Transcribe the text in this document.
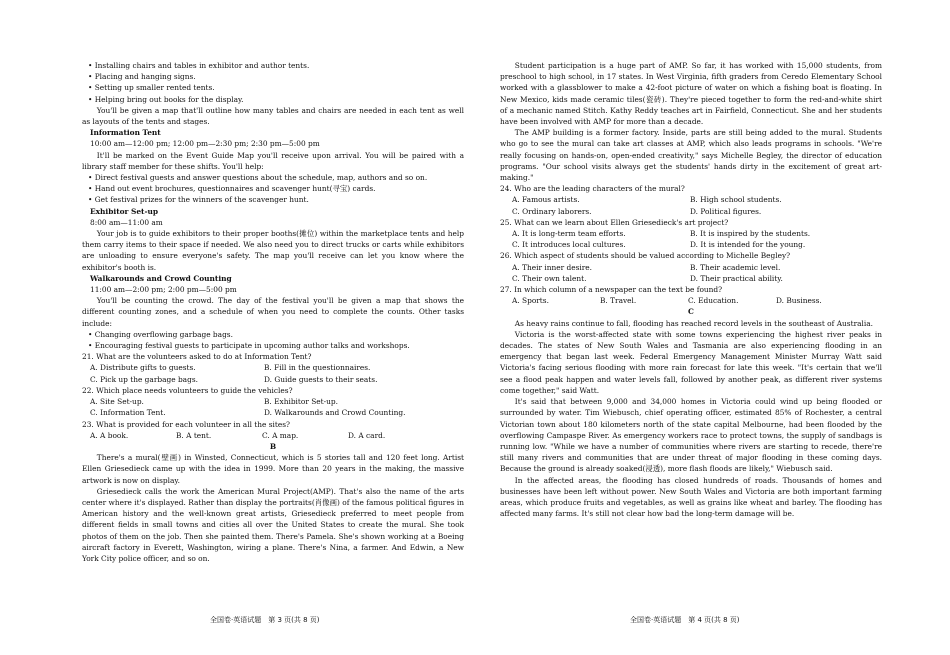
• Installing chairs and tables in exhibitor and author tents.
• Placing and hanging signs.
• Setting up smaller rented tents.
• Helping bring out books for the display.
You'll be given a map that'll outline how many tables and chairs are needed in each tent as well as layouts of the tents and stages.
Information Tent
10:00 am—12:00 pm; 12:00 pm—2:30 pm; 2:30 pm—5:00 pm
It'll be marked on the Event Guide Map you'll receive upon arrival. You will be paired with a library staff member for these shifts. You'll help:
• Direct festival guests and answer questions about the schedule, map, authors and so on.
• Hand out event brochures, questionnaires and scavenger hunt(寻宝) cards.
• Get festival prizes for the winners of the scavenger hunt.
Exhibitor Set-up
8:00 am—11:00 am
Your job is to guide exhibitors to their proper booths(摊位) within the marketplace tents and help them carry items to their space if needed. We also need you to direct trucks or carts while exhibitors are unloading to ensure everyone's safety. The map you'll receive can let you know where the exhibitor's booth is.
Walkarounds and Crowd Counting
11:00 am—2:00 pm; 2:00 pm—5:00 pm
You'll be counting the crowd. The day of the festival you'll be given a map that shows the different counting zones, and a schedule of when you need to complete the counts. Other tasks include:
• Changing overflowing garbage bags.
• Encouraging festival guests to participate in upcoming author talks and workshops.
21. What are the volunteers asked to do at Information Tent?
A. Distribute gifts to guests.	B. Fill in the questionnaires.
C. Pick up the garbage bags.	D. Guide guests to their seats.
22. Which place needs volunteers to guide the vehicles?
A. Site Set-up.	B. Exhibitor Set-up.
C. Information Tent.	D. Walkarounds and Crowd Counting.
23. What is provided for each volunteer in all the sites?
A. A book.	B. A tent.	C. A map.	D. A card.
B
There's a mural(壁画) in Winsted, Connecticut, which is 5 stories tall and 120 feet long. Artist Ellen Griesedieck came up with the idea in 1999. More than 20 years in the making, the massive artwork is now on display.
Griesedieck calls the work the American Mural Project(AMP). That's also the name of the arts center where it's displayed. Rather than display the portraits(肖像画) of the famous political figures in American history and the well-known great artists, Griesedieck preferred to meet people from different fields in small towns and cities all over the United States to create the mural. She took photos of them on the job. Then she painted them. There's Pamela. She's shown working at a Boeing aircraft factory in Everett, Washington, wiring a plane. There's Nina, a farmer. And Edwin, a New York City police officer, and so on.
Student participation is a huge part of AMP. So far, it has worked with 15,000 students, from preschool to high school, in 17 states. In West Virginia, fifth graders from Ceredo Elementary School worked with a glassblower to make a 42-foot picture of water on which a fishing boat is floating. In New Mexico, kids made ceramic tiles(瓷砖). They're pieced together to form the red-and-white shirt of a mechanic named Stitch. Kathy Reddy teaches art in Fairfield, Connecticut. She and her students have been involved with AMP for more than a decade.
The AMP building is a former factory. Inside, parts are still being added to the mural. Students who go to see the mural can take art classes at AMP, which also leads programs in schools. "We're really focusing on hands-on, open-ended creativity," says Michelle Begley, the director of education programs. "Our school visits always get the students' hands dirty in the excitement of great art-making."
24. Who are the leading characters of the mural?
A. Famous artists.	B. High school students.
C. Ordinary laborers.	D. Political figures.
25. What can we learn about Ellen Griesedieck's art project?
A. It is long-term team efforts.	B. It is inspired by the students.
C. It introduces local cultures.	D. It is intended for the young.
26. Which aspect of students should be valued according to Michelle Begley?
A. Their inner desire.	B. Their academic level.
C. Their own talent.	D. Their practical ability.
27. In which column of a newspaper can the text be found?
A. Sports.	B. Travel.	C. Education.	D. Business.
C
As heavy rains continue to fall, flooding has reached record levels in the southeast of Australia.
Victoria is the worst-affected state with some towns experiencing the highest river peaks in decades. The states of New South Wales and Tasmania are also experiencing flooding in an emergency that began last week. Federal Emergency Management Minister Murray Watt said Victoria's facing serious flooding with more rain forecast for late this week. "It's certain that we'll see a flood peak happen and water levels fall, followed by another peak, as different river systems come together," said Watt.
It's said that between 9,000 and 34,000 homes in Victoria could wind up being flooded or surrounded by water. Tim Wiebusch, chief operating officer, estimated 85% of Rochester, a central Victorian town about 180 kilometers north of the state capital Melbourne, had been flooded by the overflowing Campaspe River. As emergency workers race to protect towns, the supply of sandbags is running low. "While we have a number of communities where rivers are starting to recede, there're still many rivers and communities that are under threat of major flooding in these coming days. Because the ground is already soaked(浸透), more flash floods are likely," Wiebusch said.
In the affected areas, the flooding has closed hundreds of roads. Thousands of homes and businesses have been left without power. New South Wales and Victoria are both important farming areas, which produce fruits and vegetables, as well as grains like wheat and barley. The flooding has affected many farms. It's still not clear how bad the long-term damage will be.
全国卷·英语试题　第 3 页(共 8 页)	全国卷·英语试题　第 4 页(共 8 页)
